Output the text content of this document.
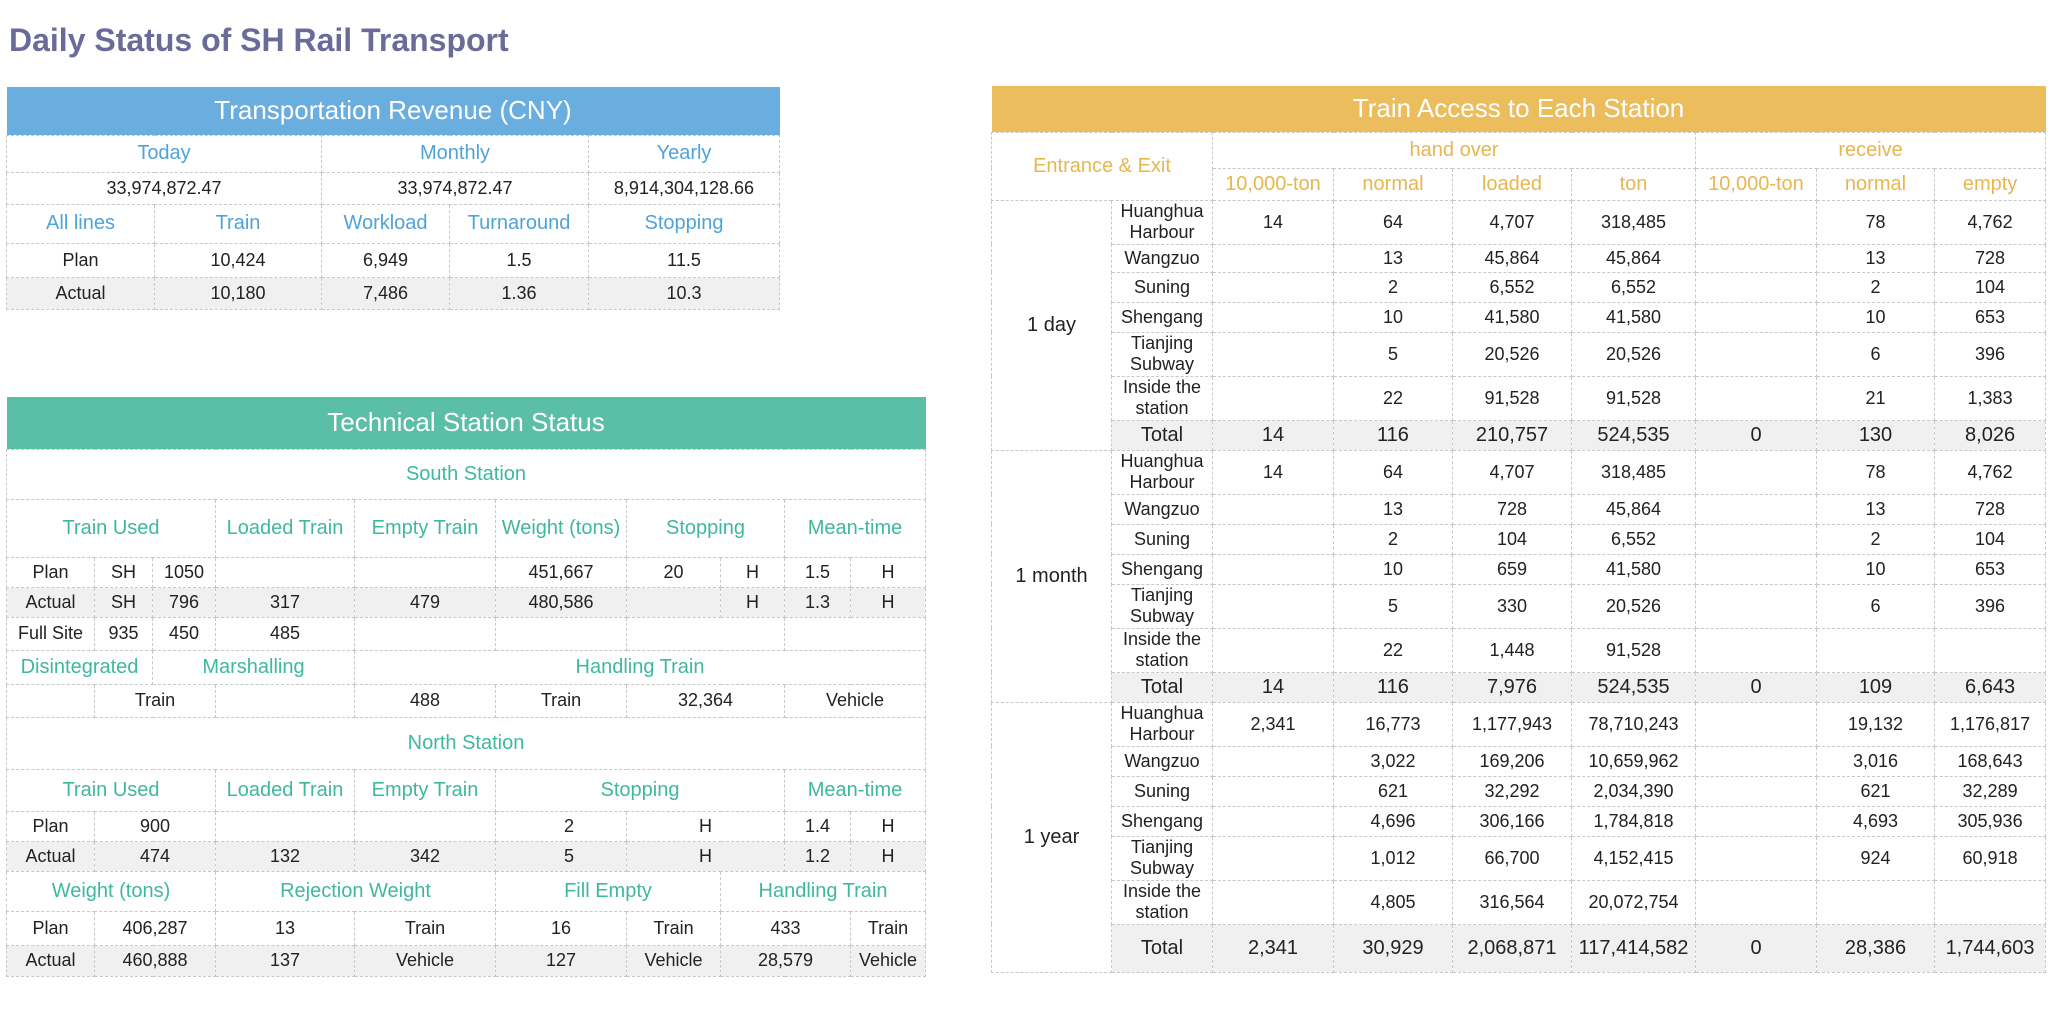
Daily Status of SH Rail Transport
Transportation Revenue (CNY)				
Today		Monthly		Yearly
33,974,872.47		33,974,872.47		8,914,304,128.66
All lines	Train	Workload	Turnaround	Stopping
Plan	10,424	6,949	1.5	11.5
Actual	10,180	7,486	1.36	10.3
Technical Station Status									
South Station									
Train Used			Loaded Train	Empty Train	Weight (tons)	Stopping		Mean-time	
Plan	SH	1050			451,667	20	H	1.5	H
Actual	SH	796	317	479	480,586		H	1.3	H
Full Site	935	450	485						
Disintegrated		Marshalling		Handling Train					
	Train			488	Train	32,364		Vehicle	
North Station									
Train Used			Loaded Train	Empty Train	Stopping			Mean-time	
Plan	900				2	H		1.4	H
Actual	474		132	342	5	H		1.2	H
Weight (tons)			Rejection Weight		Fill Empty		Handling Train		
Plan	406,287		13	Train	16	Train	433		Train
Actual	460,888		137	Vehicle	127	Vehicle	28,579		Vehicle
Train Access to Each Station								
Entrance & Exit		hand over				receive		
		10,000-ton	normal	loaded	ton	10,000-ton	normal	empty
1 day	Huanghua Harbour	14	64	4,707	318,485		78	4,762
	Wangzuo		13	45,864	45,864		13	728
	Suning		2	6,552	6,552		2	104
	Shengang		10	41,580	41,580		10	653
	Tianjing Subway		5	20,526	20,526		6	396
	Inside the station		22	91,528	91,528		21	1,383
	Total	14	116	210,757	524,535	0	130	8,026
1 month	Huanghua Harbour	14	64	4,707	318,485		78	4,762
	Wangzuo		13	728	45,864		13	728
	Suning		2	104	6,552		2	104
	Shengang		10	659	41,580		10	653
	Tianjing Subway		5	330	20,526		6	396
	Inside the station		22	1,448	91,528			
	Total	14	116	7,976	524,535	0	109	6,643
1 year	Huanghua Harbour	2,341	16,773	1,177,943	78,710,243		19,132	1,176,817
	Wangzuo		3,022	169,206	10,659,962		3,016	168,643
	Suning		621	32,292	2,034,390		621	32,289
	Shengang		4,696	306,166	1,784,818		4,693	305,936
	Tianjing Subway		1,012	66,700	4,152,415		924	60,918
	Inside the station		4,805	316,564	20,072,754			
	Total	2,341	30,929	2,068,871	117,414,582	0	28,386	1,744,603
